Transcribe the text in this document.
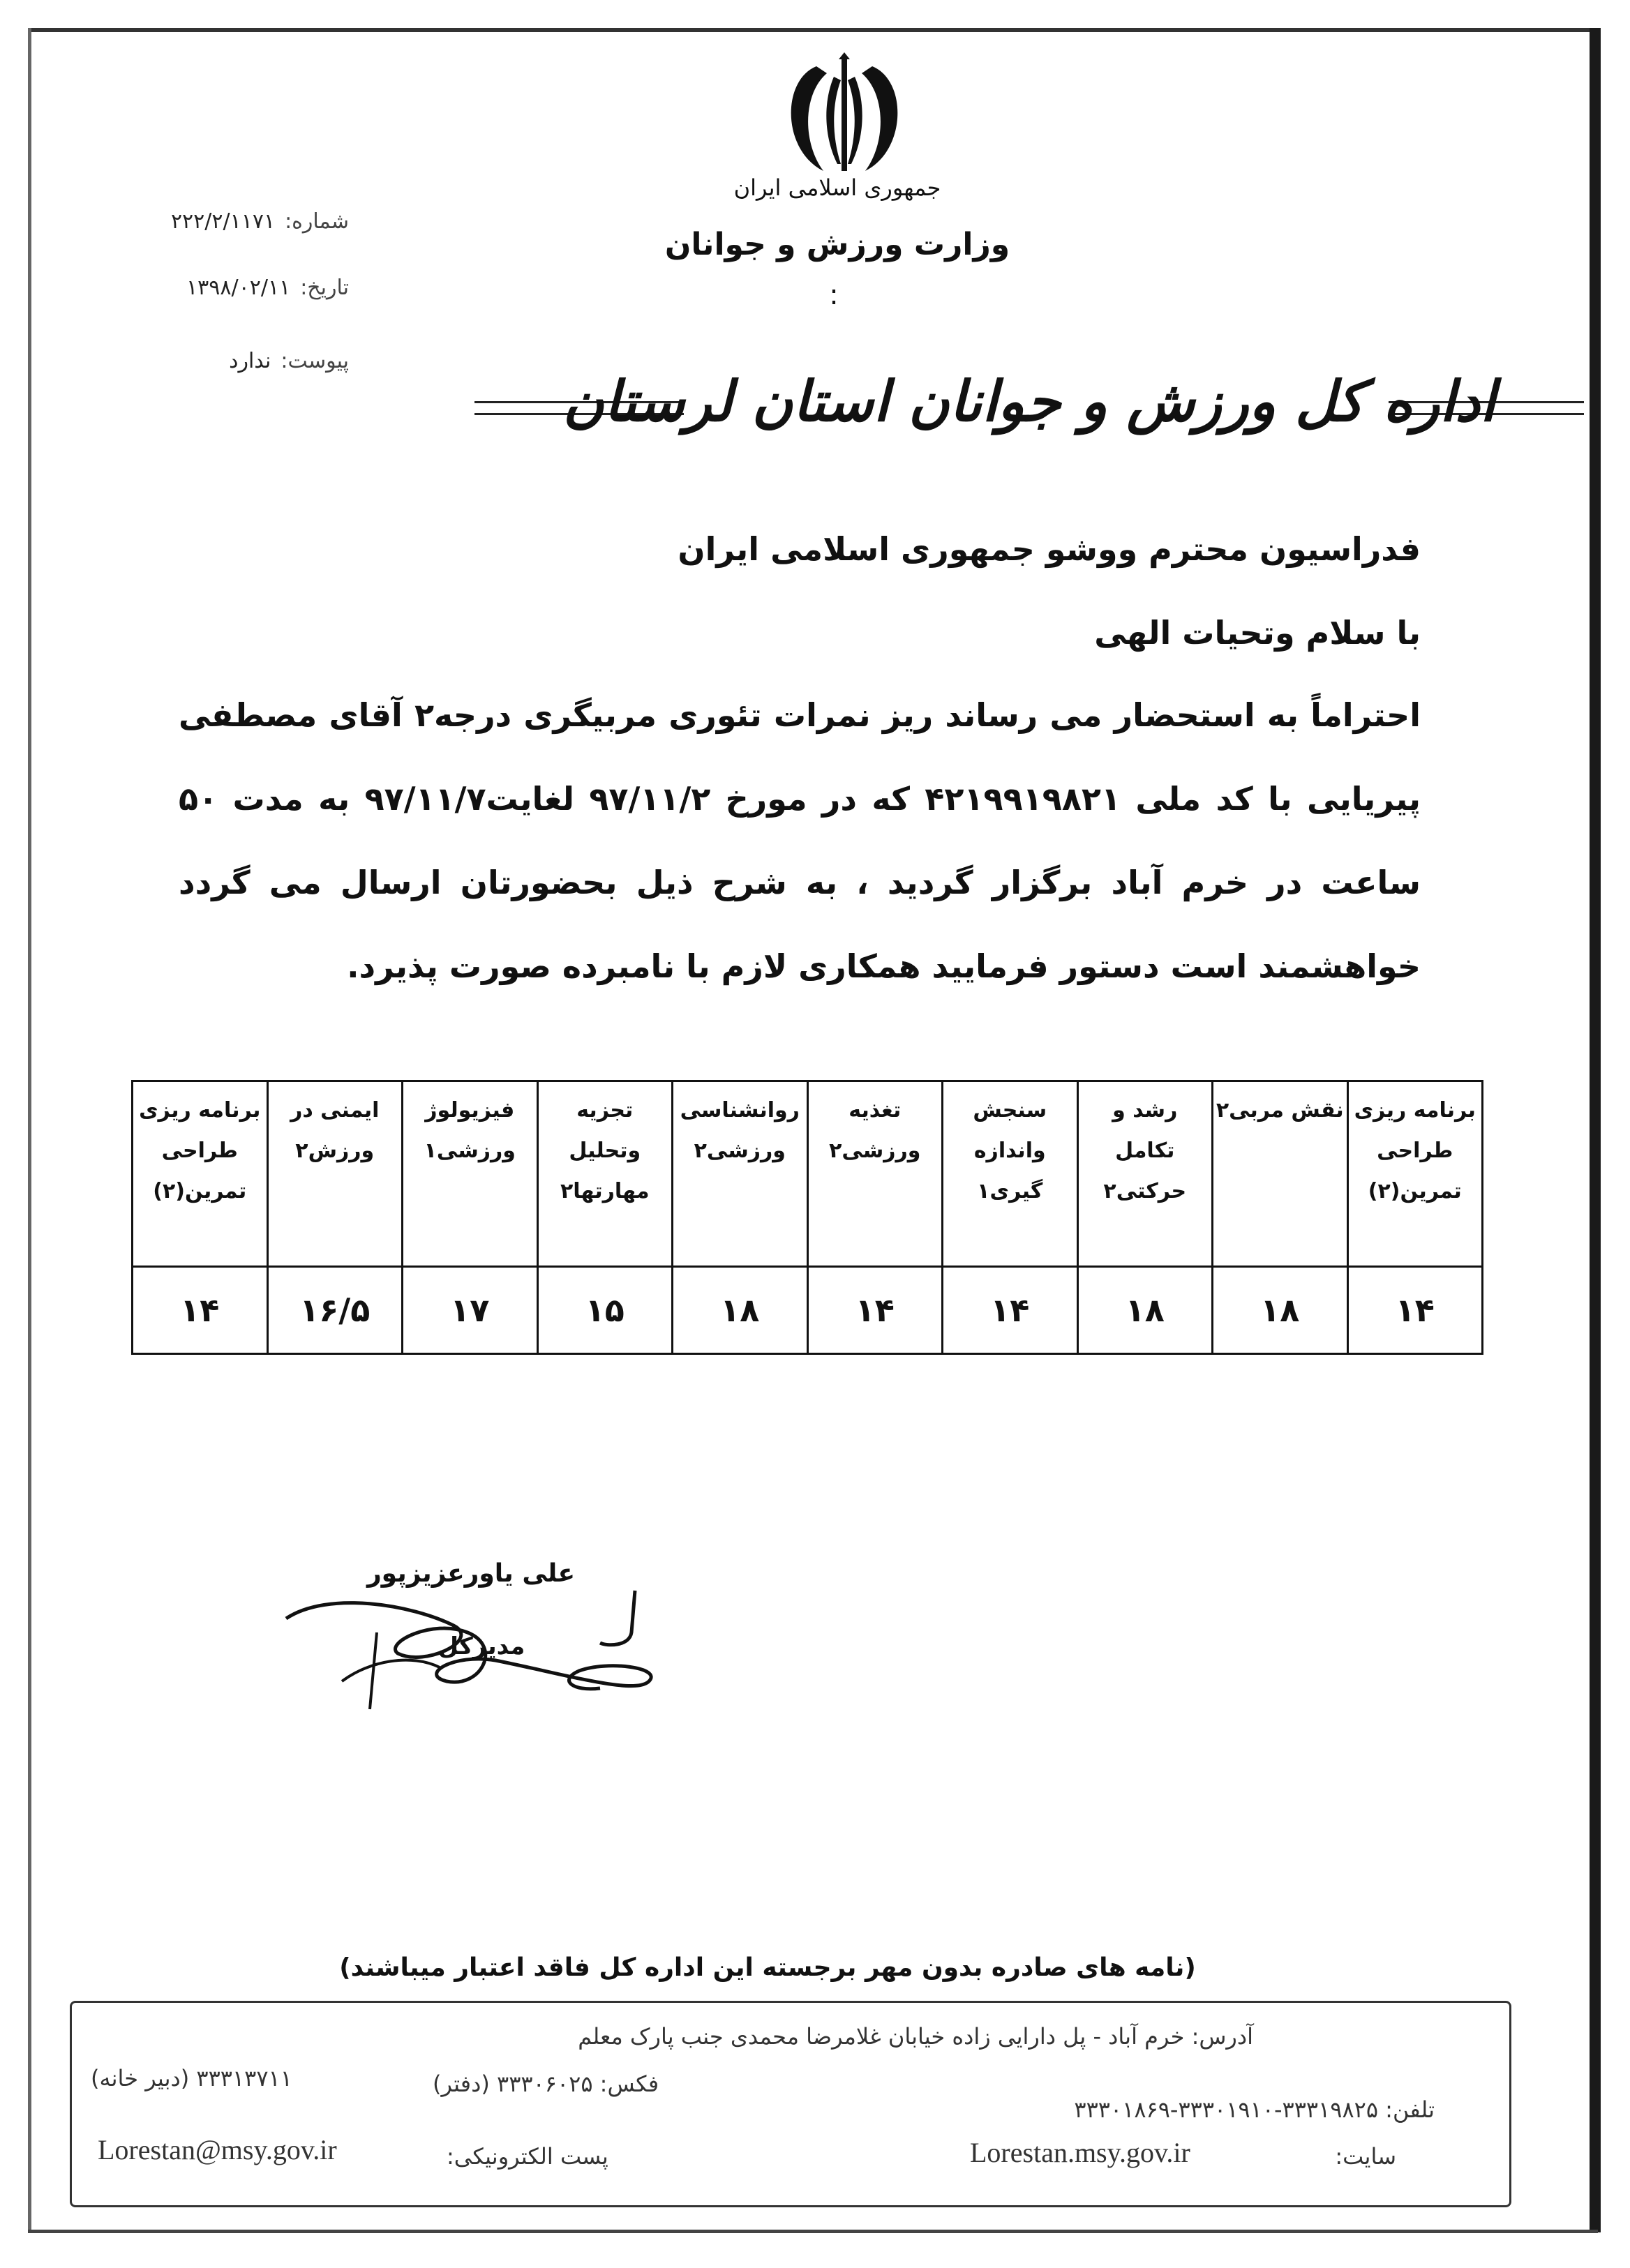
شماره:۲۲۲/۲/۱۱۷۱
تاریخ:۱۳۹۸/۰۲/۱۱
پیوست:ندارد
جمهوری اسلامی ایران
وزارت ورزش و جوانان
:
اداره کل ورزش و جوانان استان لرستان
فدراسیون محترم ووشو جمهوری اسلامی ایران
با سلام وتحیات الهی
احتراماً به استحضار می رساند ریز نمرات تئوری مربیگری درجه۲ آقای مصطفی پیریایی با کد ملی ۴۲۱۹۹۱۹۸۲۱ که در مورخ ۹۷/۱۱/۲ لغایت۹۷/۱۱/۷ به مدت ۵۰ ساعت در خرم آباد برگزار گردید ، به شرح ذیل بحضورتان ارسال می گردد خواهشمند است دستور فرمایید همکاری لازم با نامبرده صورت پذیرد.
برنامه ریزی طراحی تمرین(۲)	نقش مربی۲	رشد و تکامل حرکتی۲	سنجش واندازه گیری۱	تغذیه ورزشی۲	روانشناسی ورزشی۲	تجزیه وتحلیل مهارتها۲	فیزیولوژ ورزشی۱	ایمنی در ورزش۲	برنامه ریزی طراحی تمرین(۲)
۱۴	۱۸	۱۸	۱۴	۱۴	۱۸	۱۵	۱۷	۱۶/۵	۱۴
علی یاورعزیزپور
مدیرکل
(نامه های صادره بدون مهر برجسته این اداره کل فاقد اعتبار میباشند)
آدرس: خرم آباد - پل دارایی زاده خیابان غلامرضا محمدی جنب پارک معلم
فکس: ۳۳۳۰۶۰۲۵ (دفتر)
۳۳۳۱۳۷۱۱ (دبیر خانه)
تلفن: ۳۳۳۱۹۸۲۵-۳۳۳۰۱۹۱۰-۳۳۳۰۱۸۶۹
پست الکترونیکی:
Lorestan@msy.gov.ir	سایت:
Lorestan.msy.gov.ir
